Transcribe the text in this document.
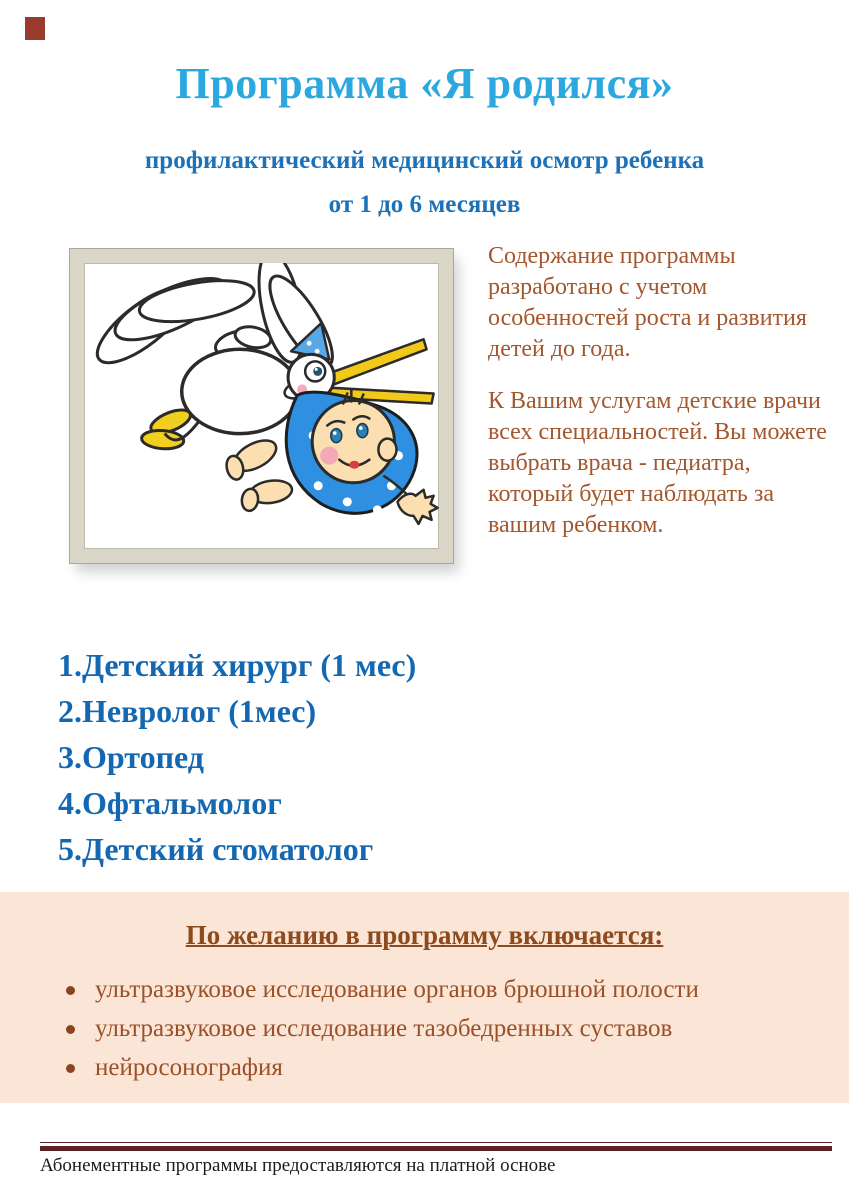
Программа «Я родился»

профилактический медицинский осмотр ребенка

от 1 до 6 месяцев

Содержание программы разработано с учетом особенностей роста и развития детей до года.

К Вашим услугам детские врачи всех специальностей. Вы можете выбрать врача - педиатра, который будет наблюдать за вашим ребенком.

1.Детский хирург (1 мес)
2.Невролог (1мес)
3.Ортопед
4.Офтальмолог
5.Детский стоматолог
По желанию в программу включается:
ультразвуковое исследование органов брюшной полости
ультразвуковое исследование тазобедренных суставов
нейросонография

Абонементные программы предоставляются на платной основе
